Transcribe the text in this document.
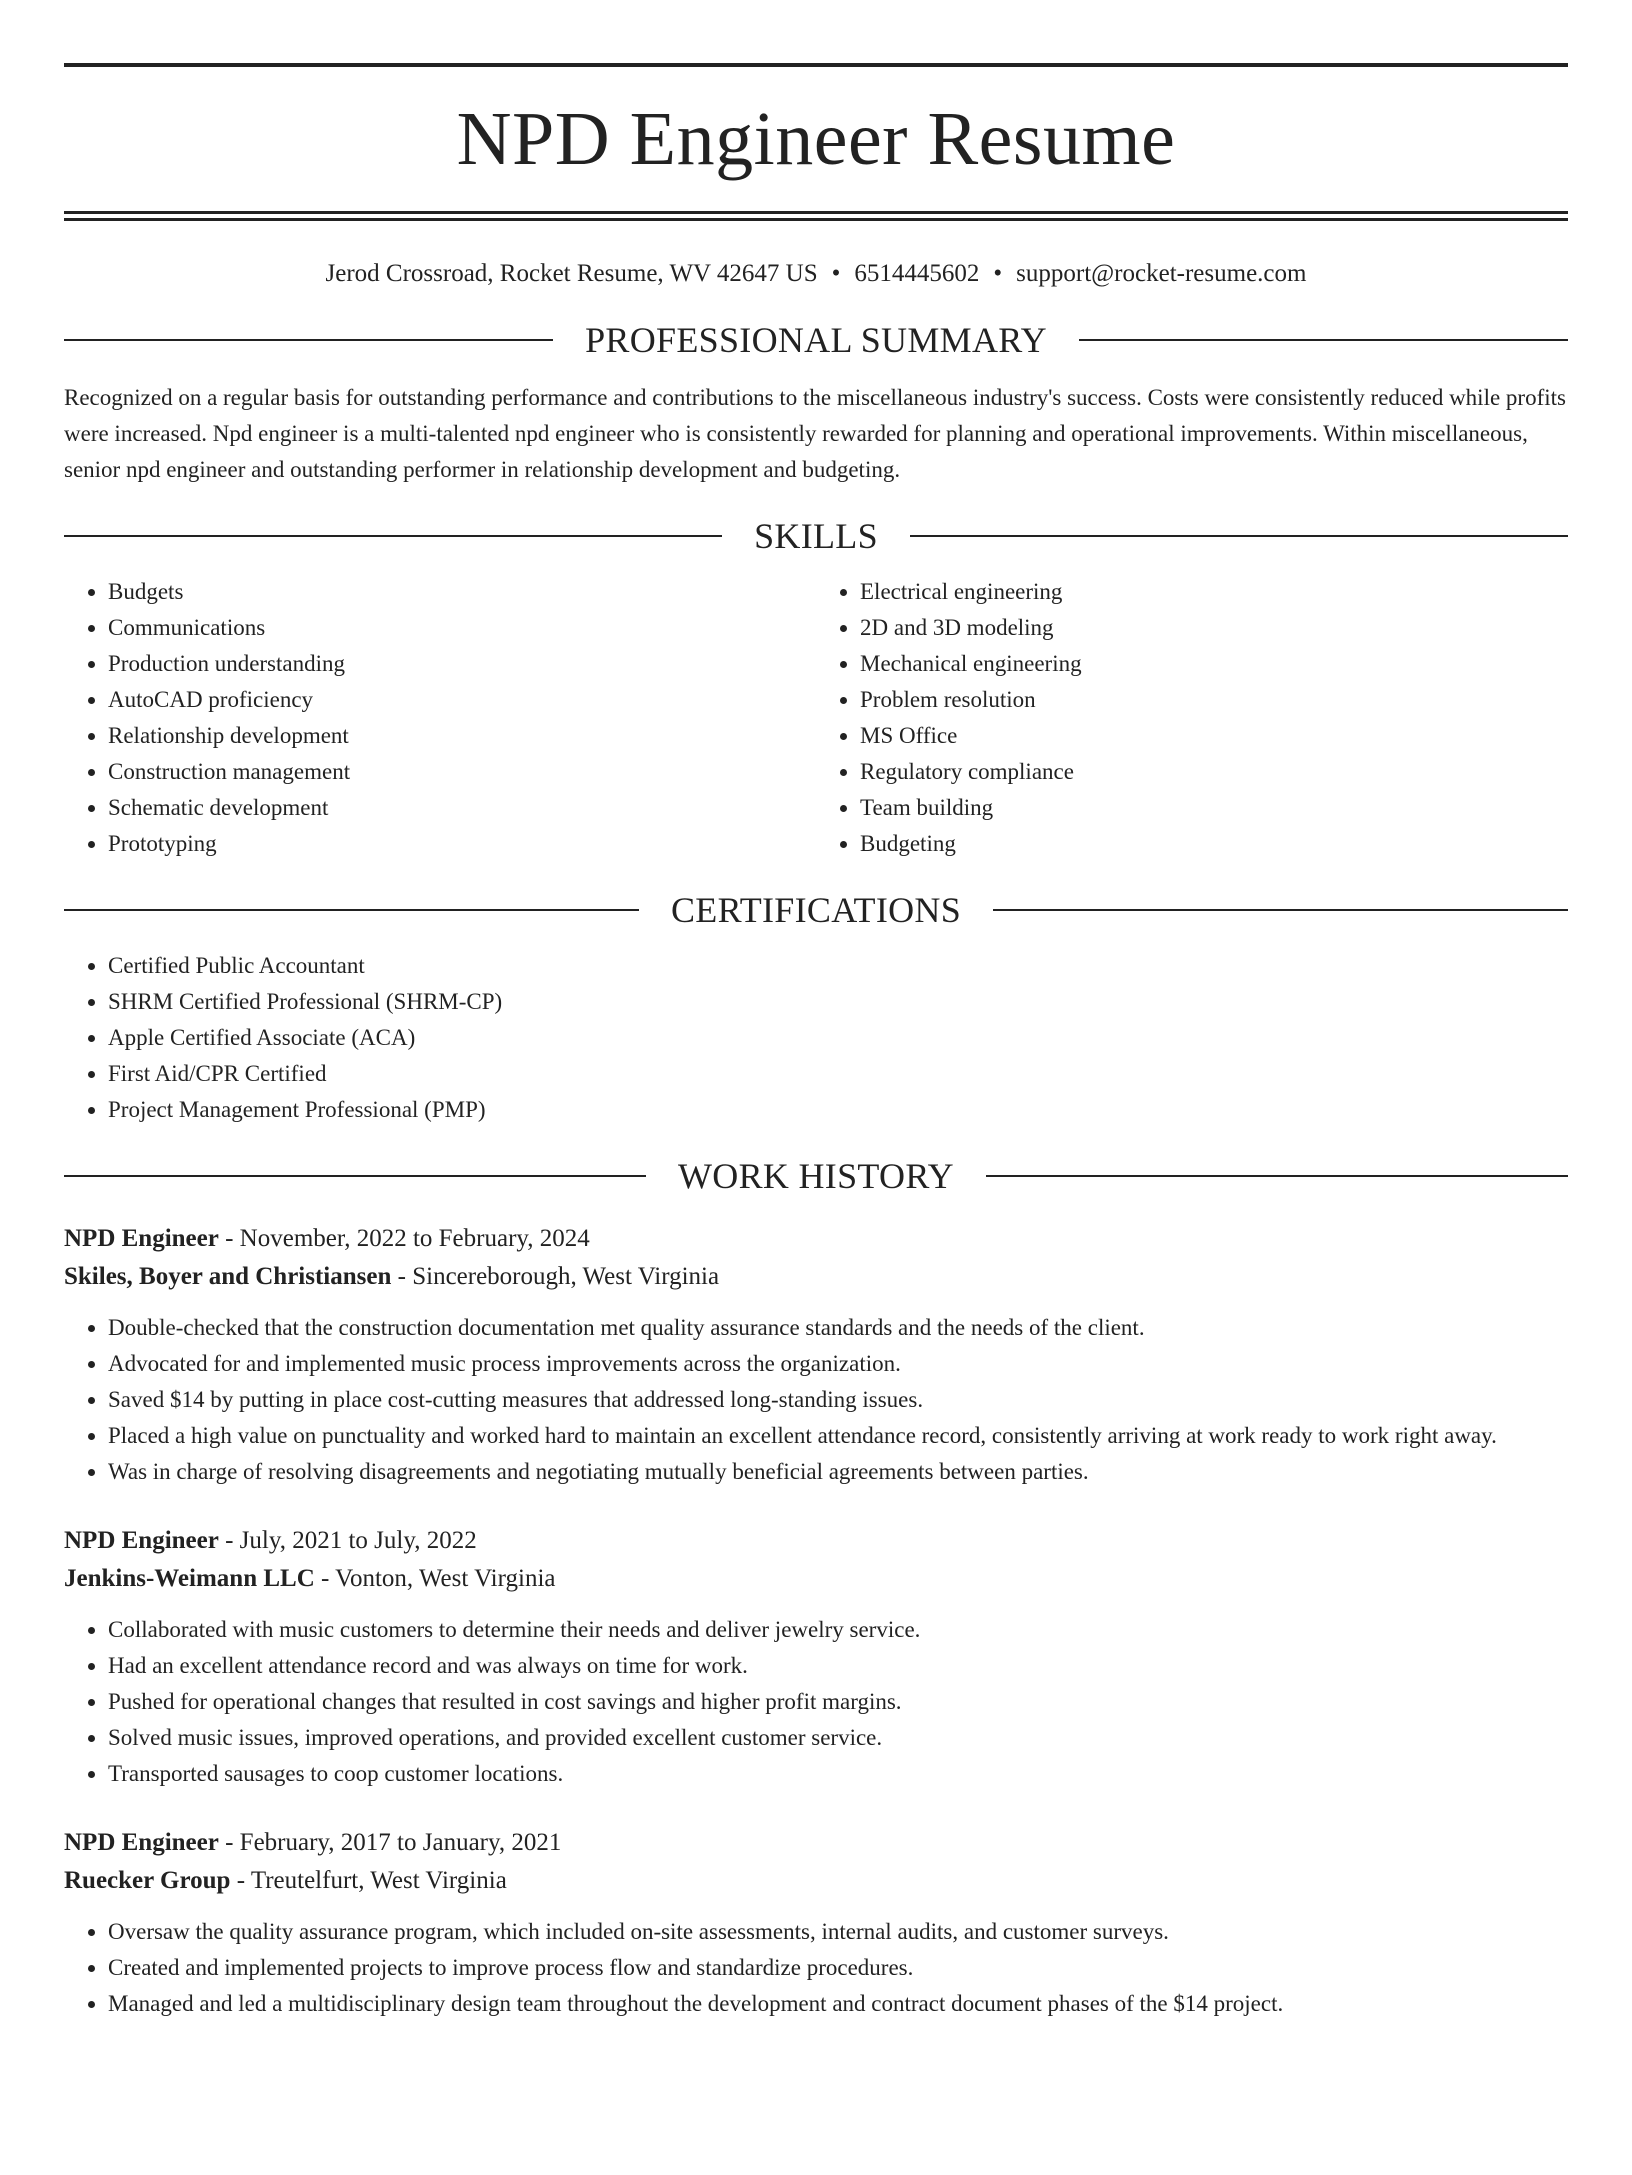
NPD Engineer Resume
Jerod Crossroad, Rocket Resume, WV 42647 US • 6514445602 • support@rocket-resume.com
PROFESSIONAL SUMMARY
Recognized on a regular basis for outstanding performance and contributions to the miscellaneous industry's success. Costs were consistently reduced while profits were increased. Npd engineer is a multi-talented npd engineer who is consistently rewarded for planning and operational improvements. Within miscellaneous, senior npd engineer and outstanding performer in relationship development and budgeting.
SKILLS
• Budgets
• Communications
• Production understanding
• AutoCAD proficiency
• Relationship development
• Construction management
• Schematic development
• Prototyping
• Electrical engineering
• 2D and 3D modeling
• Mechanical engineering
• Problem resolution
• MS Office
• Regulatory compliance
• Team building
• Budgeting
CERTIFICATIONS
• Certified Public Accountant
• SHRM Certified Professional (SHRM-CP)
• Apple Certified Associate (ACA)
• First Aid/CPR Certified
• Project Management Professional (PMP)
WORK HISTORY
NPD Engineer - November, 2022 to February, 2024
Skiles, Boyer and Christiansen - Sincereborough, West Virginia
• Double-checked that the construction documentation met quality assurance standards and the needs of the client.
• Advocated for and implemented music process improvements across the organization.
• Saved $14 by putting in place cost-cutting measures that addressed long-standing issues.
• Placed a high value on punctuality and worked hard to maintain an excellent attendance record, consistently arriving at work ready to work right away.
• Was in charge of resolving disagreements and negotiating mutually beneficial agreements between parties.
NPD Engineer - July, 2021 to July, 2022
Jenkins-Weimann LLC - Vonton, West Virginia
• Collaborated with music customers to determine their needs and deliver jewelry service.
• Had an excellent attendance record and was always on time for work.
• Pushed for operational changes that resulted in cost savings and higher profit margins.
• Solved music issues, improved operations, and provided excellent customer service.
• Transported sausages to coop customer locations.
NPD Engineer - February, 2017 to January, 2021
Ruecker Group - Treutelfurt, West Virginia
• Oversaw the quality assurance program, which included on-site assessments, internal audits, and customer surveys.
• Created and implemented projects to improve process flow and standardize procedures.
• Managed and led a multidisciplinary design team throughout the development and contract document phases of the $14 project.
